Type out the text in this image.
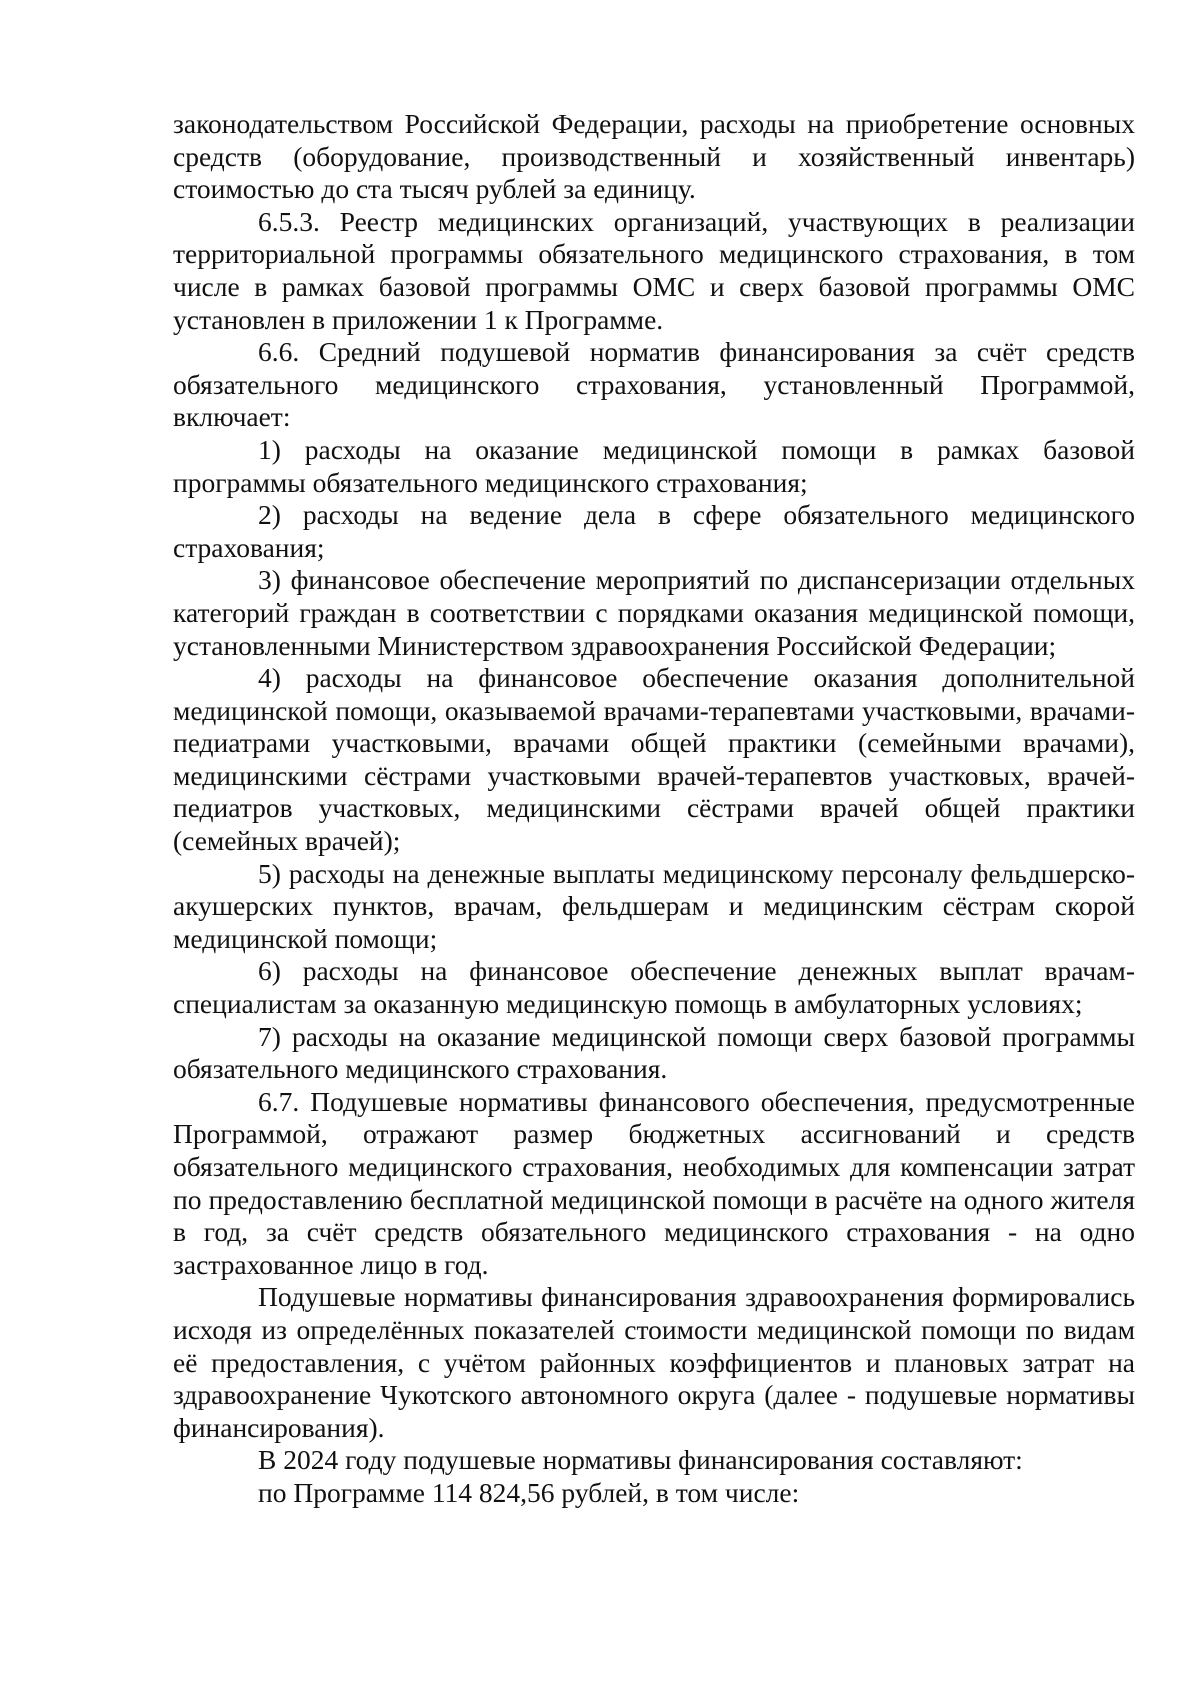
законодательством Российской Федерации, расходы на приобретение основных средств (оборудование, производственный и хозяйственный инвентарь) стоимостью до ста тысяч рублей за единицу.

6.5.3. Реестр медицинских организаций, участвующих в реализации территориальной программы обязательного медицинского страхования, в том числе в рамках базовой программы ОМС и сверх базовой программы ОМС установлен в приложении 1 к Программе.

6.6. Средний подушевой норматив финансирования за счёт средств обязательного медицинского страхования, установленный Программой, включает:

1) расходы на оказание медицинской помощи в рамках базовой программы обязательного медицинского страхования;

2) расходы на ведение дела в сфере обязательного медицинского страхования;

3) финансовое обеспечение мероприятий по диспансеризации отдельных категорий граждан в соответствии с порядками оказания медицинской помощи, установленными Министерством здравоохранения Российской Федерации;

4) расходы на финансовое обеспечение оказания дополнительной медицинской помощи, оказываемой врачами-терапевтами участковыми, врачами-педиатрами участковыми, врачами общей практики (семейными врачами), медицинскими сёстрами участковыми врачей-терапевтов участковых, врачей-педиатров участковых, медицинскими сёстрами врачей общей практики (семейных врачей);

5) расходы на денежные выплаты медицинскому персоналу фельдшерско-акушерских пунктов, врачам, фельдшерам и медицинским сёстрам скорой медицинской помощи;

6) расходы на финансовое обеспечение денежных выплат врачам-специалистам за оказанную медицинскую помощь в амбулаторных условиях;

7) расходы на оказание медицинской помощи сверх базовой программы обязательного медицинского страхования.

6.7. Подушевые нормативы финансового обеспечения, предусмотренные Программой, отражают размер бюджетных ассигнований и средств обязательного медицинского страхования, необходимых для компенсации затрат по предоставлению бесплатной медицинской помощи в расчёте на одного жителя в год, за счёт средств обязательного медицинского страхования - на одно застрахованное лицо в год.

Подушевые нормативы финансирования здравоохранения формировались исходя из определённых показателей стоимости медицинской помощи по видам её предоставления, с учётом районных коэффициентов и плановых затрат на здравоохранение Чукотского автономного округа (далее - подушевые нормативы финансирования).

В 2024 году подушевые нормативы финансирования составляют:

по Программе 114 824,56 рублей, в том числе:
